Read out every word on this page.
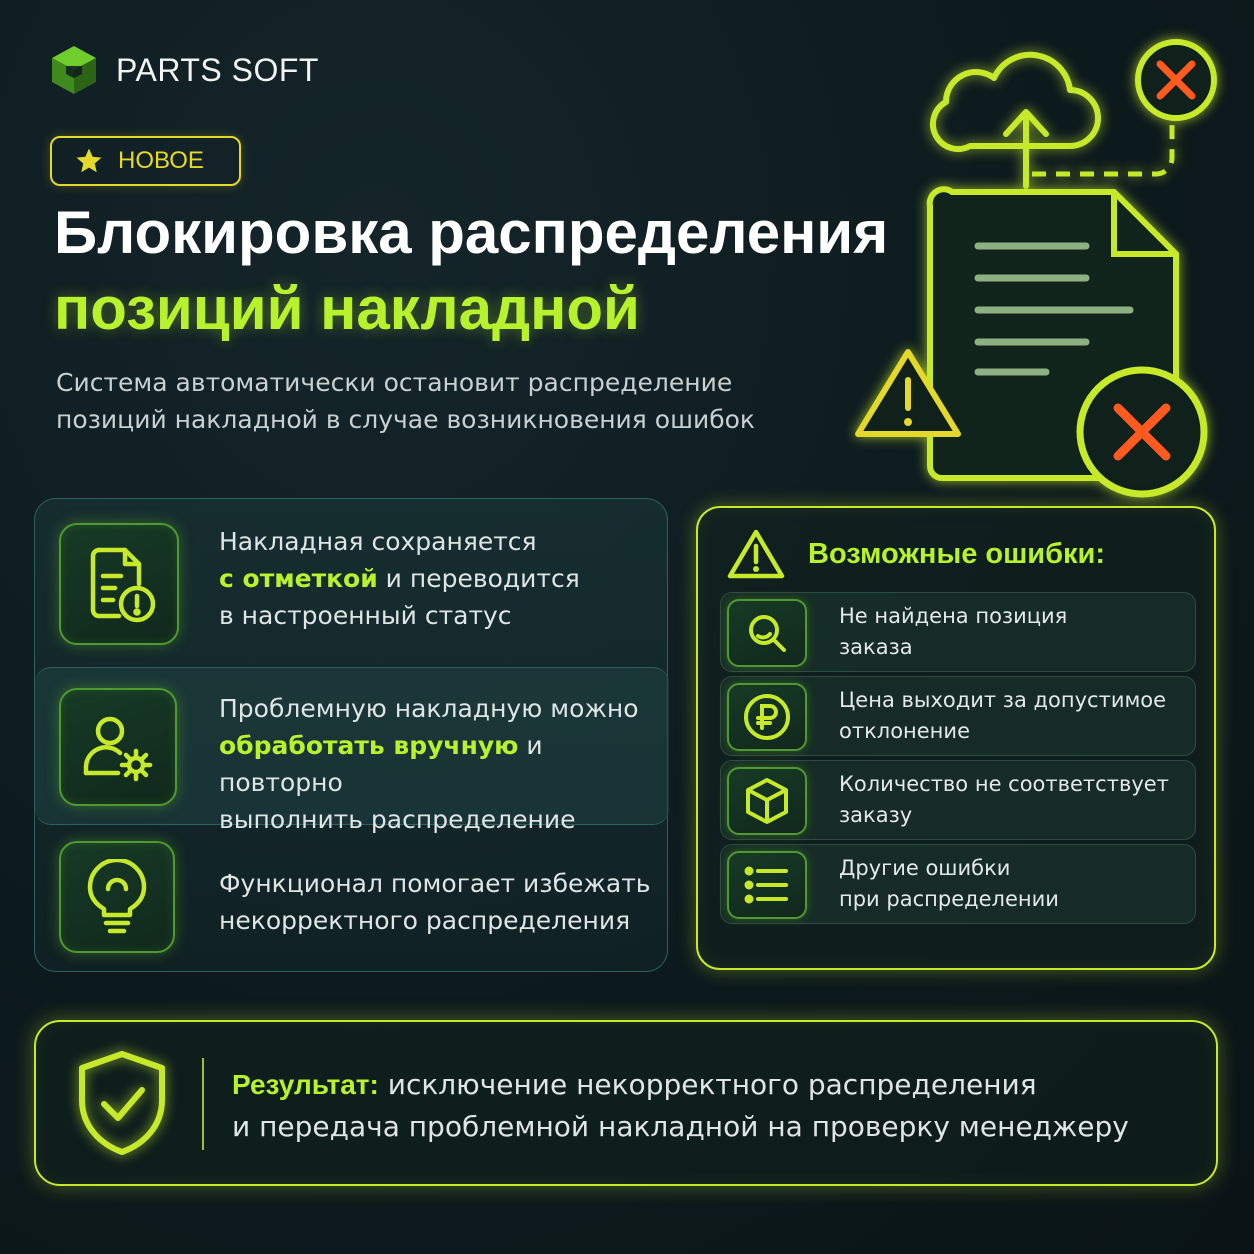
PARTS SOFT
НОВОЕ
Блокировка распределения
позиций накладной
Система автоматически остановит распределение
позиций накладной в случае возникновения ошибок
Накладная сохраняется
с отметкой и переводится
в настроенный статус
Проблемную накладную можно
обработать вручную и повторно
выполнить распределение
Функционал помогает избежать
некорректного распределения
Возможные ошибки:
Не найдена позиция
заказа
Цена выходит за допустимое
отклонение
Количество не соответствует
заказу
Другие ошибки
при распределении
Результат: исключение некорректного распределения
и передача проблемной накладной на проверку менеджеру
